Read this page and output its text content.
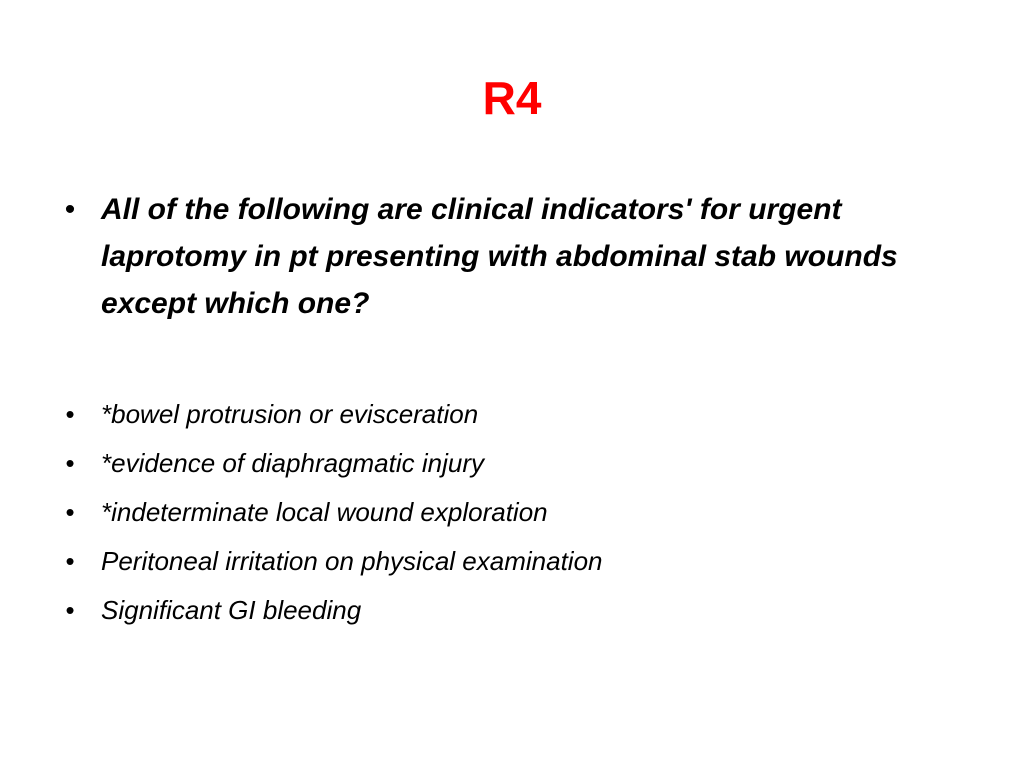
R4
• All of the following are clinical indicators' for urgent laprotomy in pt presenting with abdominal stab wounds except which one?
• *bowel protrusion or evisceration
• *evidence of diaphragmatic injury
• *indeterminate local wound exploration
• Peritoneal irritation on physical examination
• Significant GI bleeding
